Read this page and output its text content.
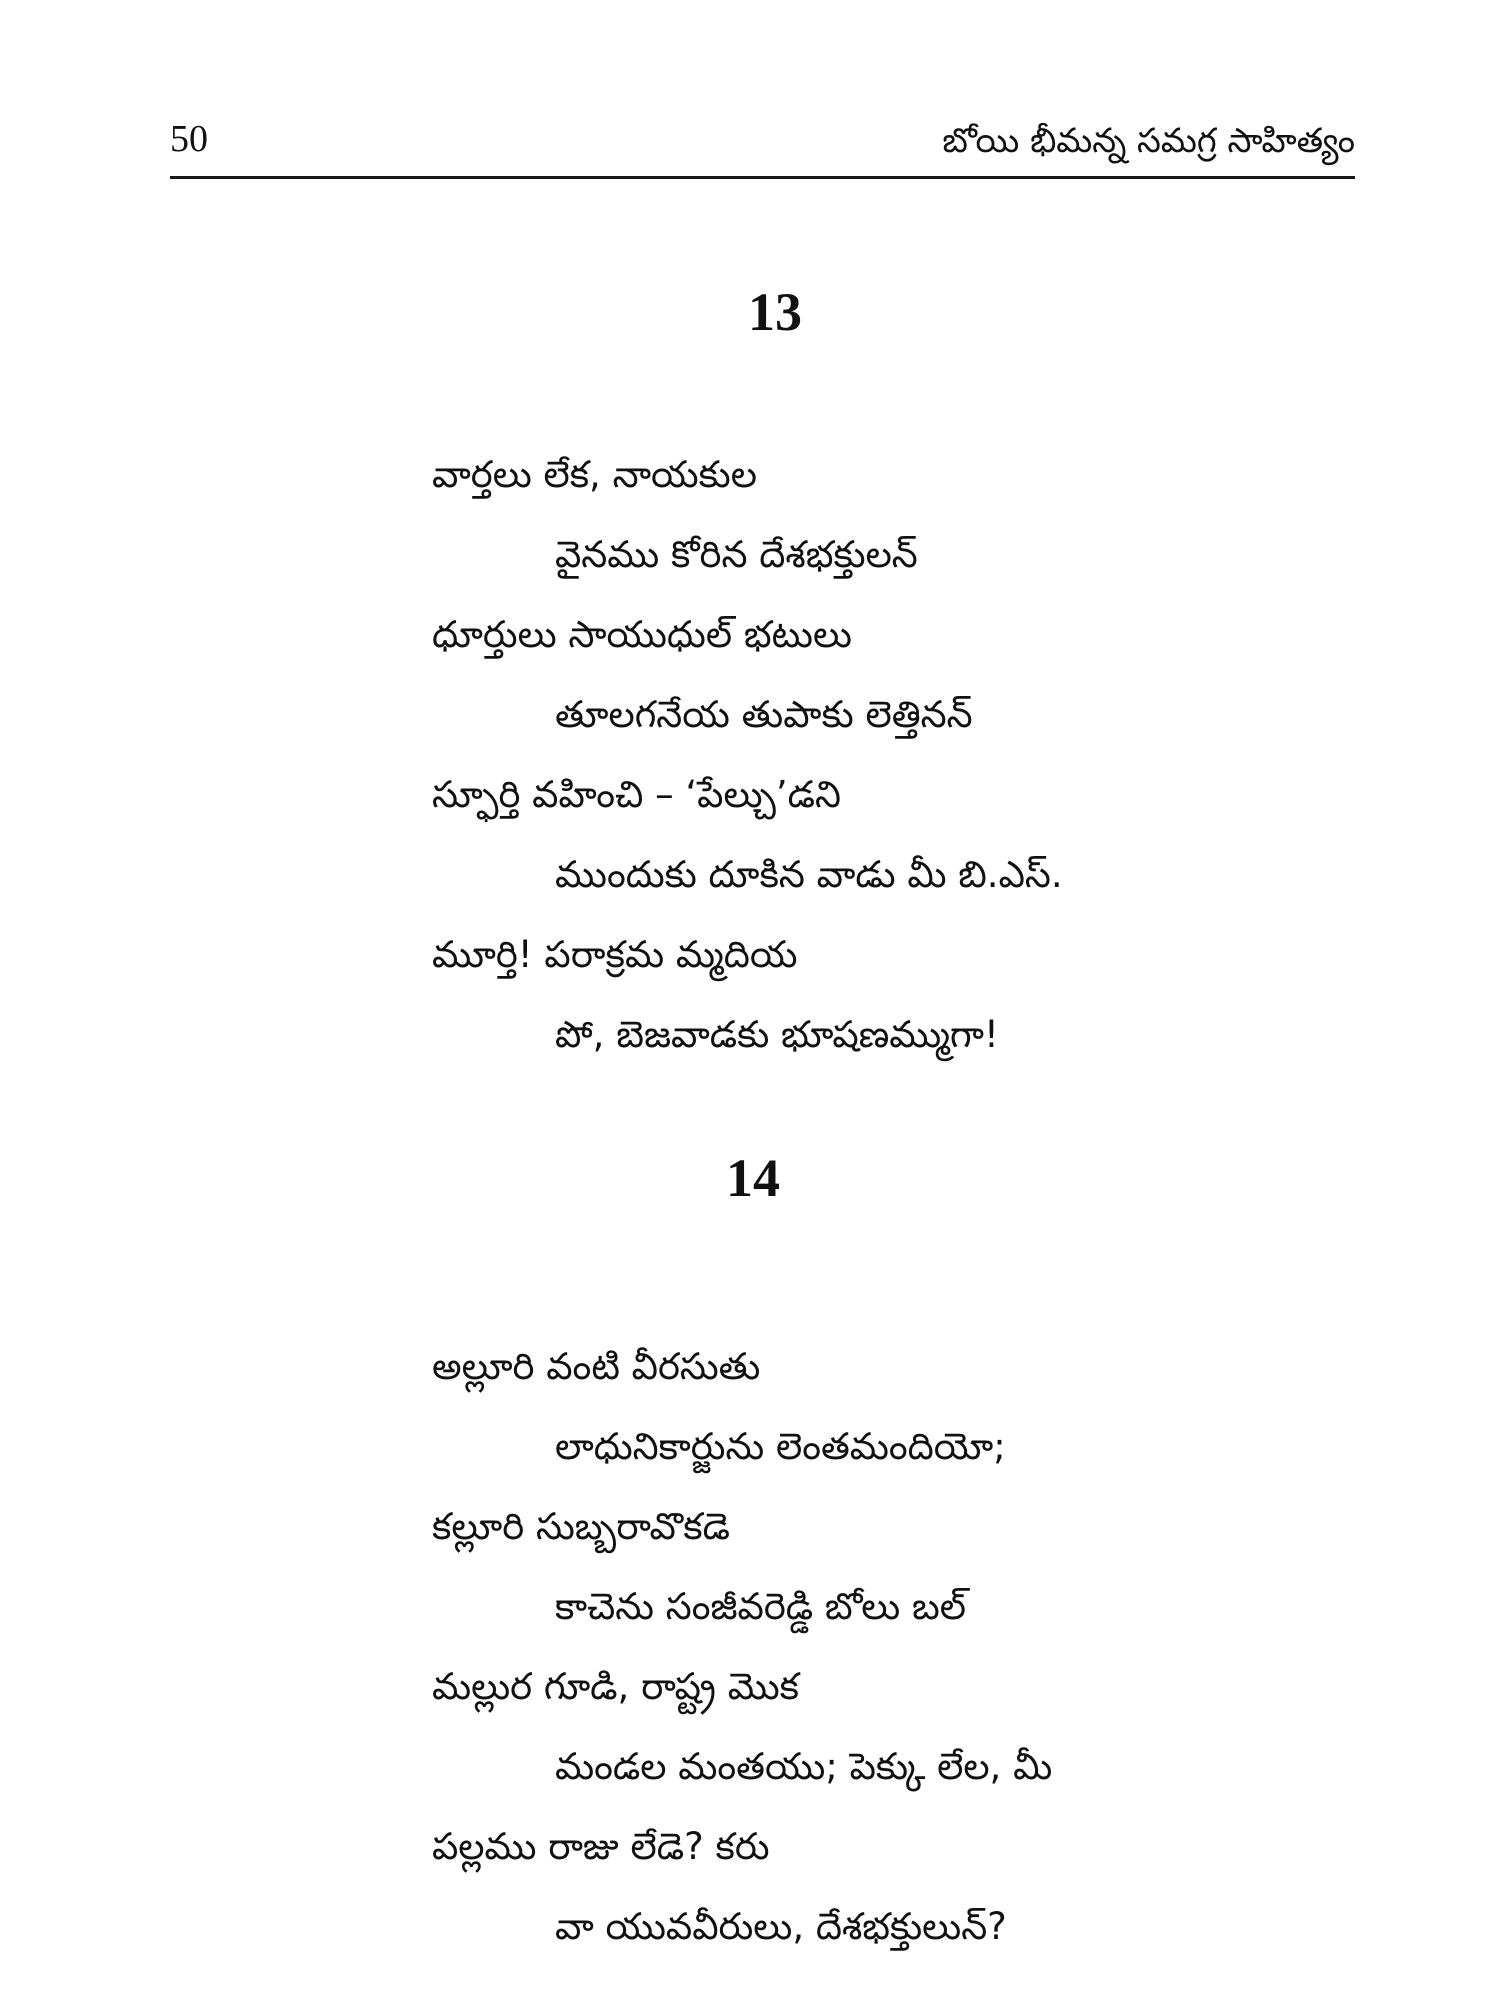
50	బోయి భీమన్న సమగ్ర సాహిత్యం
13
వార్తలు లేక, నాయకుల
వైనము కోరిన దేశభక్తులన్
ధూర్తులు సాయుధుల్ భటులు
తూలగనేయ తుపాకు లెత్తినన్
స్ఫూర్తి వహించి – ‘పేల్చు’డని
ముందుకు దూకిన వాడు మీ బి.ఎస్.
మూర్తి! పరాక్రమ మ్మదియ
పో, బెజవాడకు భూషణమ్ముగా!
14
అల్లూరి వంటి వీరసుతు
లాధునికార్జును లెంతమందియో;
కల్లూరి సుబ్బరావొకడె
కాచెను సంజీవరెడ్డి బోలు బల్
మల్లుర గూడి, రాష్ట్ర మొక
మండల మంతయు; పెక్కు లేల, మీ
పల్లము రాజు లేడె? కరు
వా యువవీరులు, దేశభక్తులున్?
